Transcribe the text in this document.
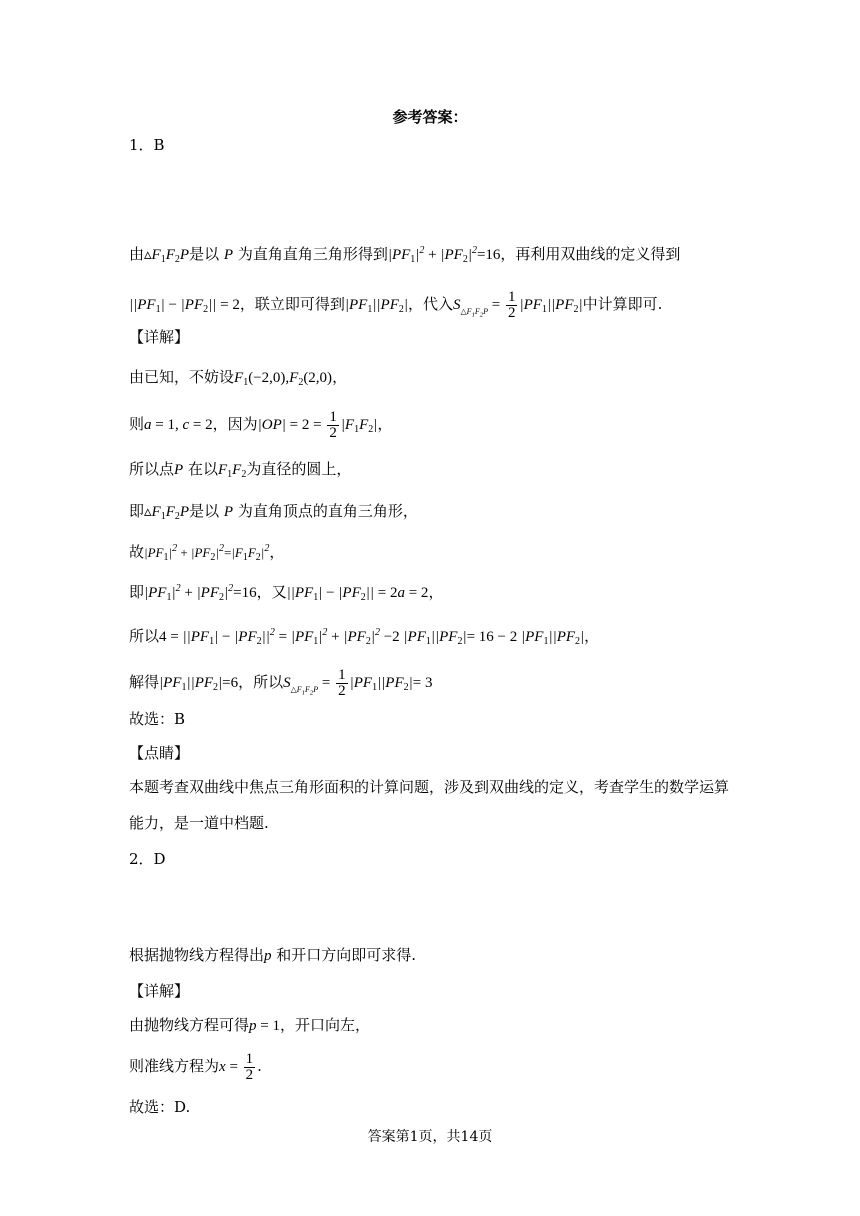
参考答案：
1．B
由$▵F_1F_2P$是以 P 为直角直角三角形得到$|PF_1|^2 + |PF_2|^2=16$，再利用双曲线的定义得到
$||PF_1| - |PF_2|| = 2$，联立即可得到$|PF_1||PF_2|$，代入$S_{\triangle F_1F_2P} = \frac{1}{2} |PF_1||PF_2|$中计算即可.
【详解】
由已知，不妨设$F_1(-2,0),F_2(2,0)$，
则a = 1, c = 2，因为$|OP| = 2 = \frac{1}{2} |F_1F_2|$，
所以点P 在以$F_1F_2$为直径的圆上，
即$▵F_1F_2P$是以 P 为直角顶点的直角三角形，
故$|PF_1|^2 + |PF_2|^2=|F_1F_2|^2$，
即$|PF_1|^2 + |PF_2|^2=16$，又$||PF_1| - |PF_2|| = 2a = 2$，
所以$4 = ||PF_1| - |PF_2||^2 = |PF_1|^2 + |PF_2|^2 -2$ $|PF_1||PF_2|= 16 - 2$ $|PF_1||PF_2|$，
解得$|PF_1||PF_2|=6$，所以$S_{\triangle F_1F_2P} = \frac{1}{2} |PF_1||PF_2|= 3$
故选：B
【点睛】
本题考查双曲线中焦点三角形面积的计算问题，涉及到双曲线的定义，考查学生的数学运算
能力，是一道中档题.
2．D
根据抛物线方程得出p 和开口方向即可求得.
【详解】
由抛物线方程可得p = 1，开口向左，
则准线方程为$x = \frac{1}{2}$ .
故选：D.
答案第1页，共14页
